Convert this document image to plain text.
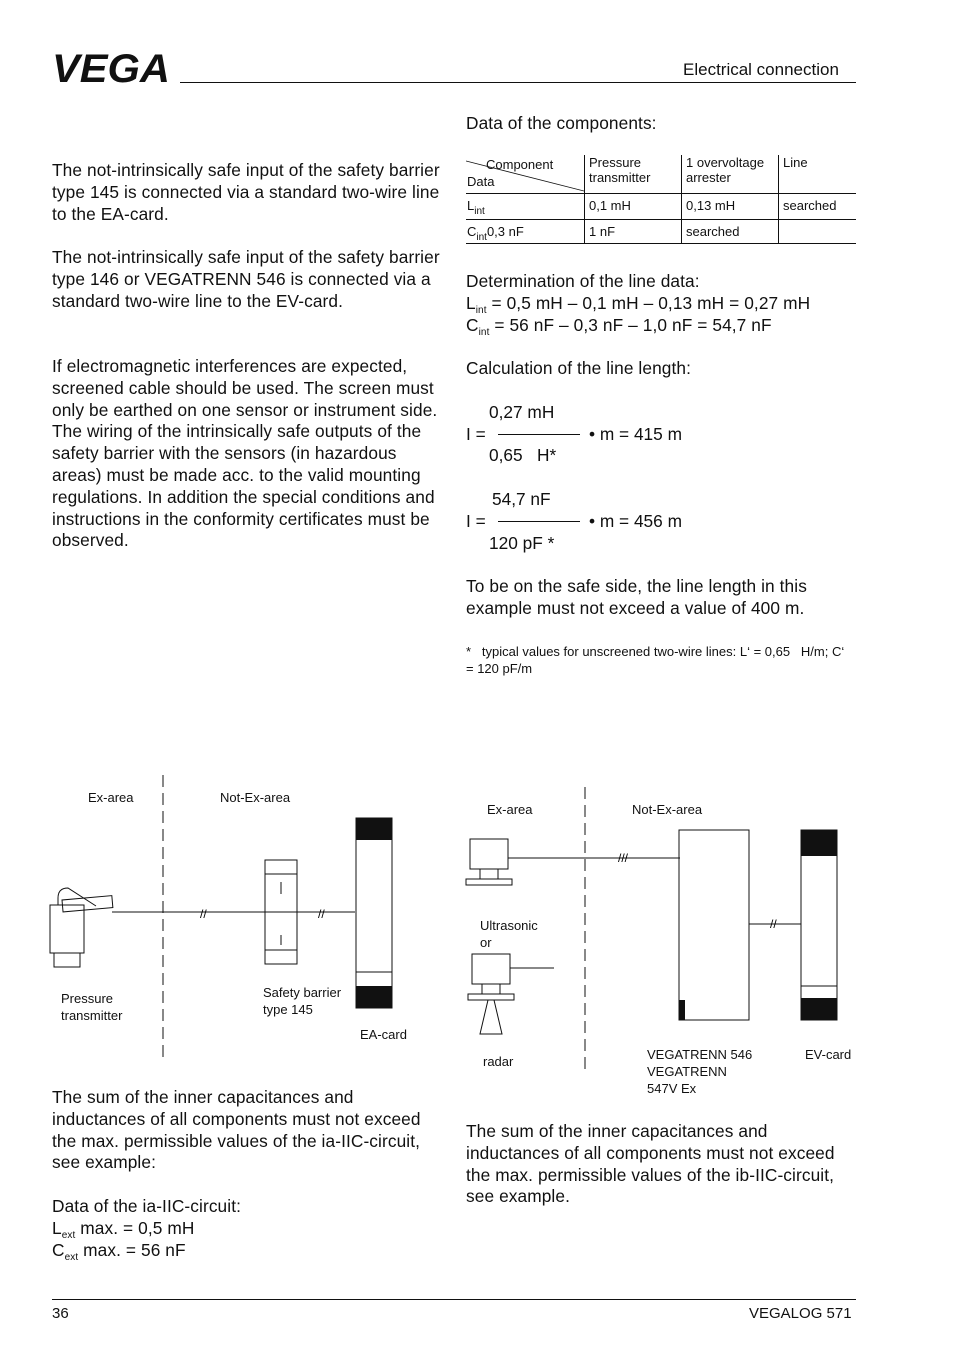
VEGA	Electrical connection
The not-intrinsically safe input of the safety barrier type 145 is connected via a standard two-wire line to the EA-card.
The not-intrinsically safe input of the safety barrier type 146 or VEGATRENN 546 is connected via a standard two-wire line to the EV-card.
If electromagnetic interferences are expected, screened cable should be used. The screen must only be earthed on one sensor or instrument side. The wiring of the intrinsically safe outputs of the safety barrier with the sensors (in hazardous areas) must be made acc. to the valid mounting regulations. In addition the special conditions and instructions in the conformity certificates must be observed.
Data of the components:
Component
Data	Pressure transmitter	1 overvoltage arrester	Line
$L_{int}$	0,1 mH	0,13 mH	searched
$C_{int}0,3$ nF	1 nF	searched	
Determination of the line data:
$L_{int} = 0,5$ mH – 0,1 mH – 0,13 mH = 0,27 mH
$C_{int} = 56$ nF – 0,3 nF – 1,0 nF = 54,7 nF
Calculation of the line length:
0,27 mH
I =	• m = 415 m
0,65   H*
54,7 nF
I =	• m = 456 m
120 pF *
To be on the safe side, the line length in this example must not exceed a value of 400 m.
*   typical values for unscreened two-wire lines: L‘ = 0,65   H/m; C‘ = 120 pF/m
//	//
Ex-area	Not-Ex-area
Pressure
transmitter
Safety barrier
type 145
EA-card
///
//
Ex-area	Not-Ex-area
Ultrasonic
or
radar	VEGATRENN 546
VEGATRENN
547V Ex
EV-card
The sum of the inner capacitances and inductances of all components must not exceed the max. permissible values of the ia-IIC-circuit, see example:
Data of the ia-IIC-circuit:
$L_{ext}$ max. = 0,5 mH
$C_{ext}$ max. = 56 nF
The sum of the inner capacitances and inductances of all components must not exceed the max. permissible values of the ib-IIC-circuit, see example.
36	VEGALOG 571
